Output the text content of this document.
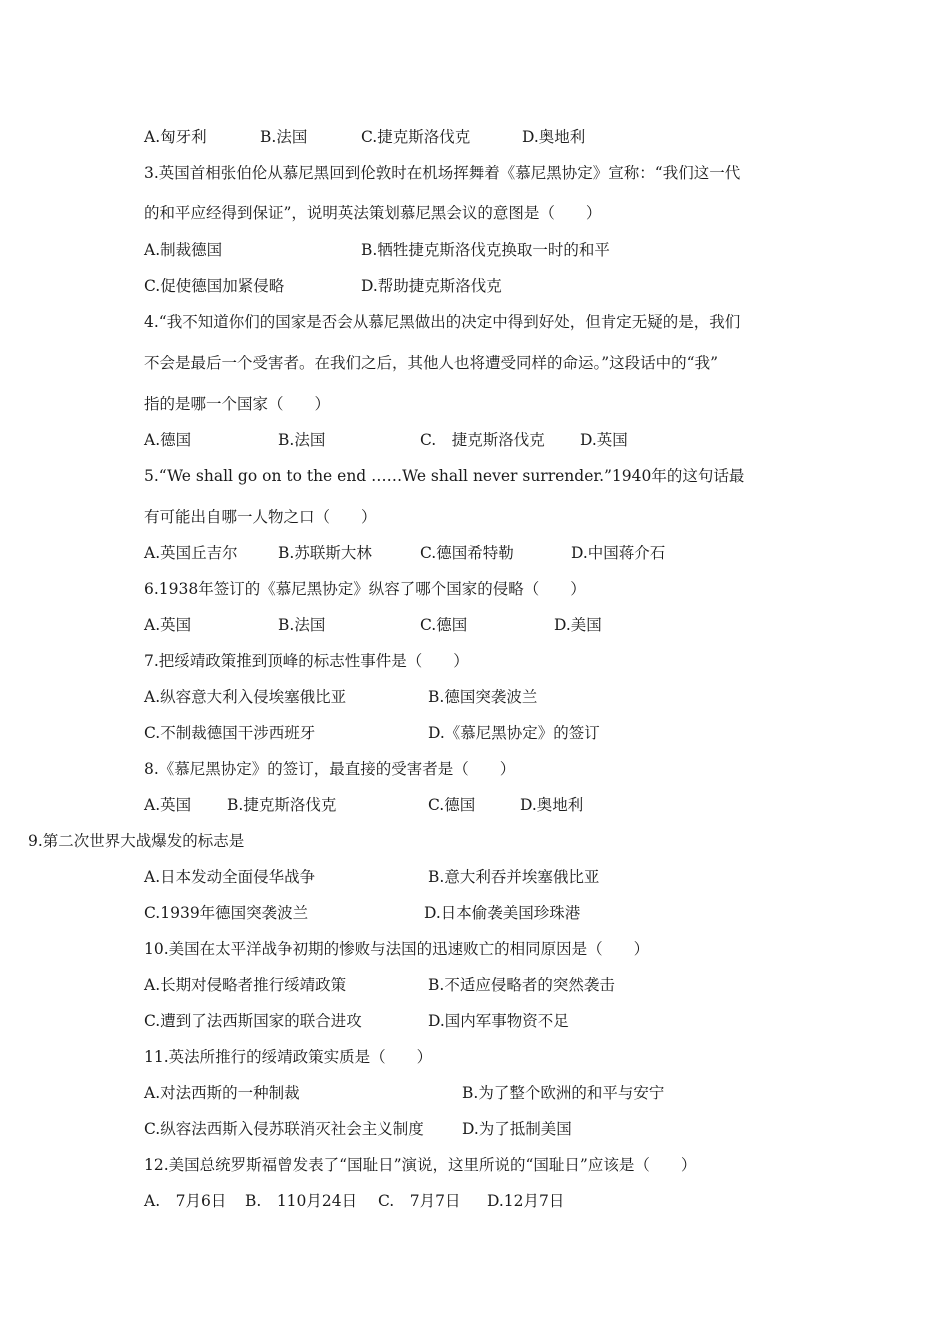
A.匈牙利	B.法国	C.捷克斯洛伐克	D.奥地利
3.英国首相张伯伦从慕尼黑回到伦敦时在机场挥舞着《慕尼黑协定》宣称：“我们这一代
的和平应经得到保证”，说明英法策划慕尼黑会议的意图是（　　）
A.制裁德国	B.牺牲捷克斯洛伐克换取一时的和平
C.促使德国加紧侵略	D.帮助捷克斯洛伐克
4.“我不知道你们的国家是否会从慕尼黑做出的决定中得到好处，但肯定无疑的是，我们
不会是最后一个受害者。在我们之后，其他人也将遭受同样的命运。”这段话中的“我”
指的是哪一个国家（　　）
A.德国	B.法国	C.　捷克斯洛伐克 D.英国
5.“We shall go on to the end ……We shall never surrender.”1940年的这句话最
有可能出自哪一人物之口（　　）
A.英国丘吉尔	B.苏联斯大林	C.德国希特勒	D.中国蒋介石
6.1938年签订的《慕尼黑协定》纵容了哪个国家的侵略（　　）
A.英国	B.法国	C.德国	D.美国
7.把绥靖政策推到顶峰的标志性事件是（　　）
A.纵容意大利入侵埃塞俄比亚	B.德国突袭波兰
C.不制裁德国干涉西班牙	D.《慕尼黑协定》的签订
8.《慕尼黑协定》的签订，最直接的受害者是（　　）
A.英国 B.捷克斯洛伐克	C.德国	D.奥地利
9.第二次世界大战爆发的标志是
A.日本发动全面侵华战争	B.意大利吞并埃塞俄比亚
C.1939年德国突袭波兰	D.日本偷袭美国珍珠港
10.美国在太平洋战争初期的惨败与法国的迅速败亡的相同原因是（　　）
A.长期对侵略者推行绥靖政策	B.不适应侵略者的突然袭击
C.遭到了法西斯国家的联合进攻	D.国内军事物资不足
11.英法所推行的绥靖政策实质是（　　）
A.对法西斯的一种制裁	B.为了整个欧洲的和平与安宁
C.纵容法西斯入侵苏联消灭社会主义制度 D.为了抵制美国
12.美国总统罗斯福曾发表了“国耻日”演说，这里所说的“国耻日”应该是（　　）
A.　7月6日 B.　110月24日 C.　7月7日 D.12月7日
